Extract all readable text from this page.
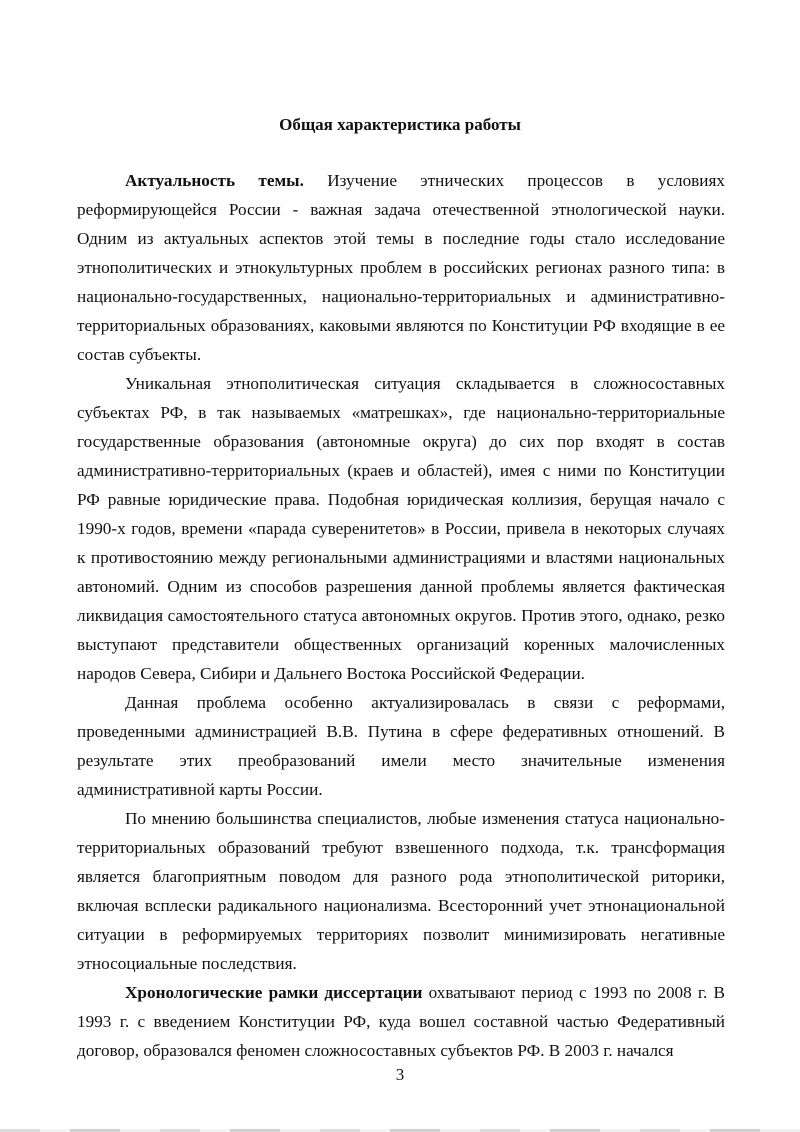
Общая характеристика работы

Актуальность темы. Изучение этнических процессов в условиях реформирующейся России - важная задача отечественной этнологической науки. Одним из актуальных аспектов этой темы в последние годы стало исследование этнополитических и этнокультурных проблем в российских регионах разного типа: в национально-государственных, национально-территориальных и административно-территориальных образованиях, каковыми являются по Конституции РФ входящие в ее состав субъекты.

Уникальная этнополитическая ситуация складывается в сложносоставных субъектах РФ, в так называемых «матрешках», где национально-территориальные государственные образования (автономные округа) до сих пор входят в состав административно-территориальных (краев и областей), имея с ними по Конституции РФ равные юридические права. Подобная юридическая коллизия, берущая начало с 1990-х годов, времени «парада суверенитетов» в России, привела в некоторых случаях к противостоянию между региональными администрациями и властями национальных автономий. Одним из способов разрешения данной проблемы является фактическая ликвидация самостоятельного статуса автономных округов. Против этого, однако, резко выступают представители общественных организаций коренных малочисленных народов Севера, Сибири и Дальнего Востока Российской Федерации.

Данная проблема особенно актуализировалась в связи с реформами, проведенными администрацией В.В. Путина в сфере федеративных отношений. В результате этих преобразований имели место значительные изменения административной карты России.

По мнению большинства специалистов, любые изменения статуса национально-территориальных образований требуют взвешенного подхода, т.к. трансформация является благоприятным поводом для разного рода этнополитической риторики, включая всплески радикального национализма. Всесторонний учет этнонациональной ситуации в реформируемых территориях позволит минимизировать негативные этносоциальные последствия.

Хронологические рамки диссертации охватывают период с 1993 по 2008 г. В 1993 г. с введением Конституции РФ, куда вошел составной частью Федеративный договор, образовался феномен сложносоставных субъектов РФ. В 2003 г. начался

3
